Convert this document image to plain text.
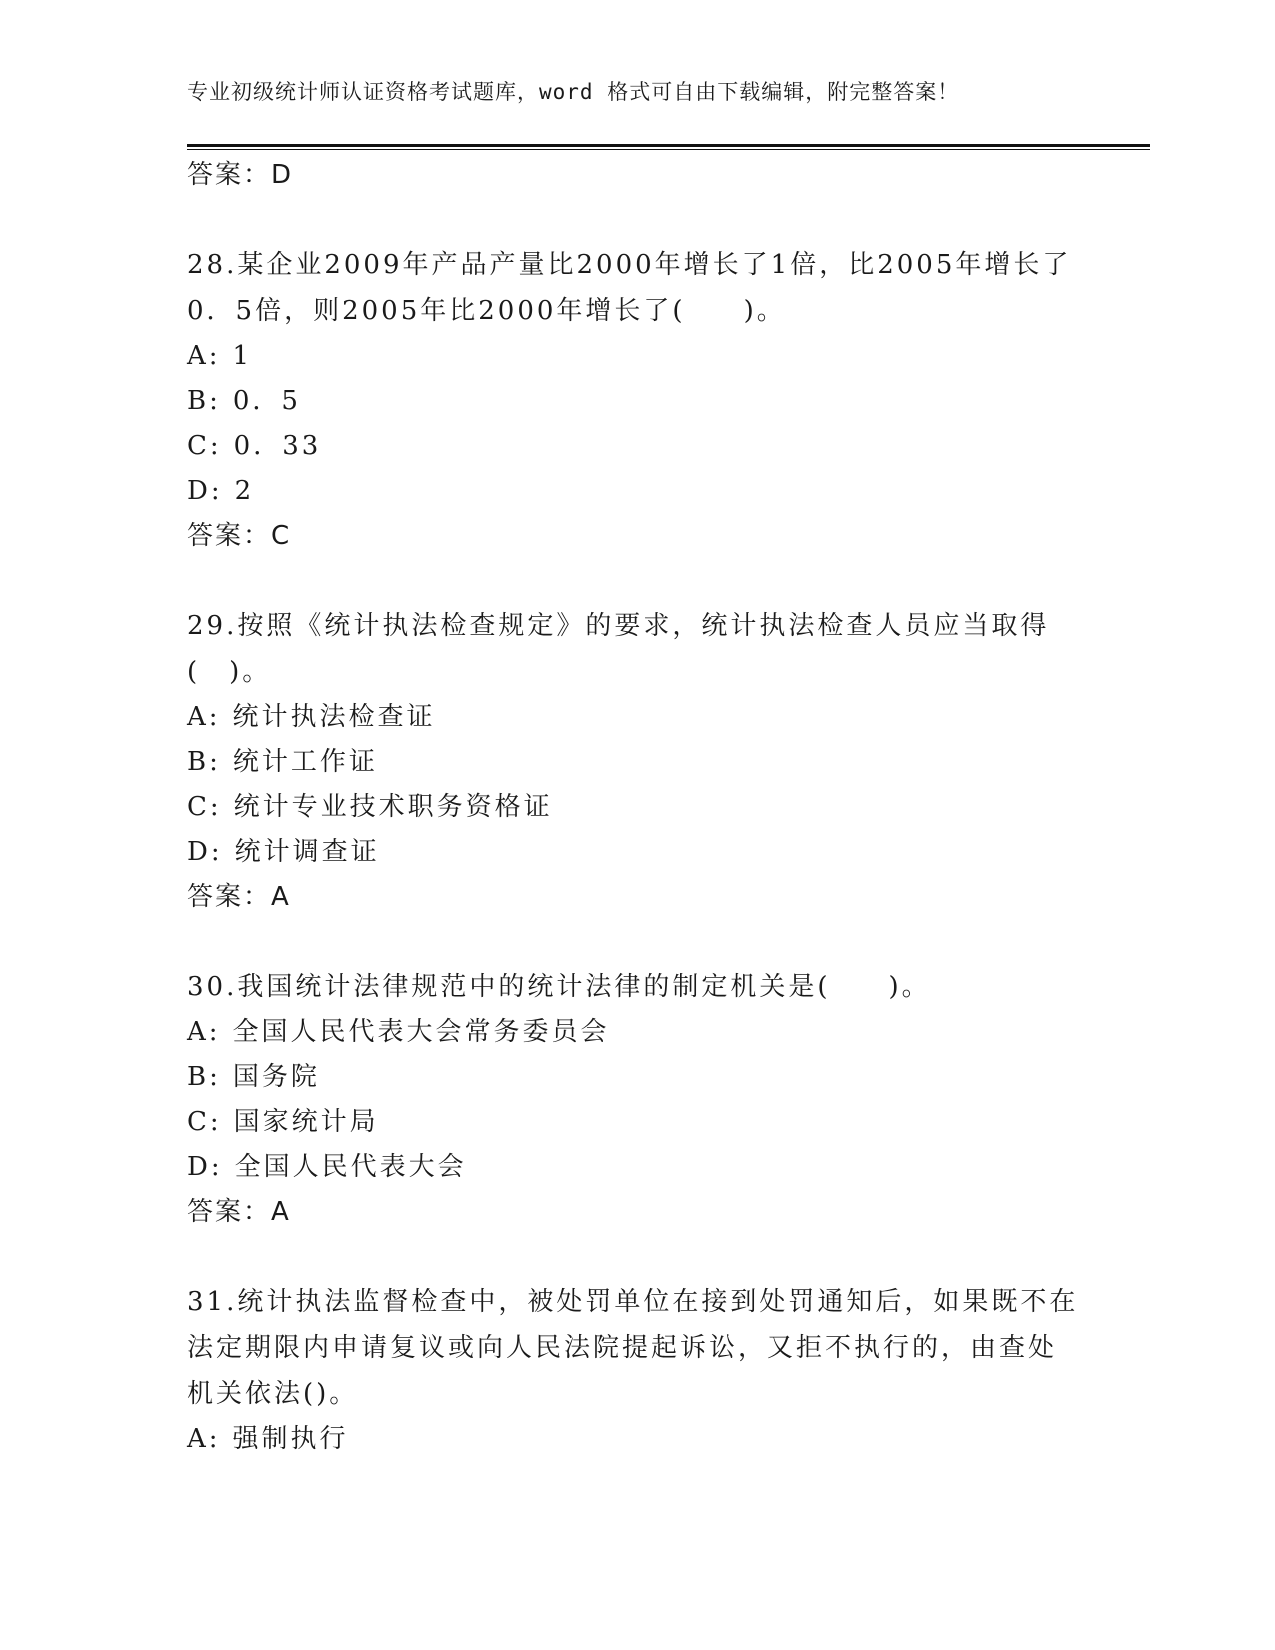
专业初级统计师认证资格考试题库，word 格式可自由下载编辑，附完整答案！
答案：D
28.某企业2009年产品产量比2000年增长了1倍，比2005年增长了0．5倍，则2005年比2000年增长了(　　)。
A: 1
B: 0．5
C: 0．33
D: 2
答案：C
29.按照《统计执法检查规定》的要求，统计执法检查人员应当取得(　)。
A: 统计执法检查证
B: 统计工作证
C: 统计专业技术职务资格证
D: 统计调查证
答案：A
30.我国统计法律规范中的统计法律的制定机关是(　　)。
A: 全国人民代表大会常务委员会
B: 国务院
C: 国家统计局
D: 全国人民代表大会
答案：A
31.统计执法监督检查中，被处罚单位在接到处罚通知后，如果既不在法定期限内申请复议或向人民法院提起诉讼，又拒不执行的，由查处机关依法()。
A: 强制执行
